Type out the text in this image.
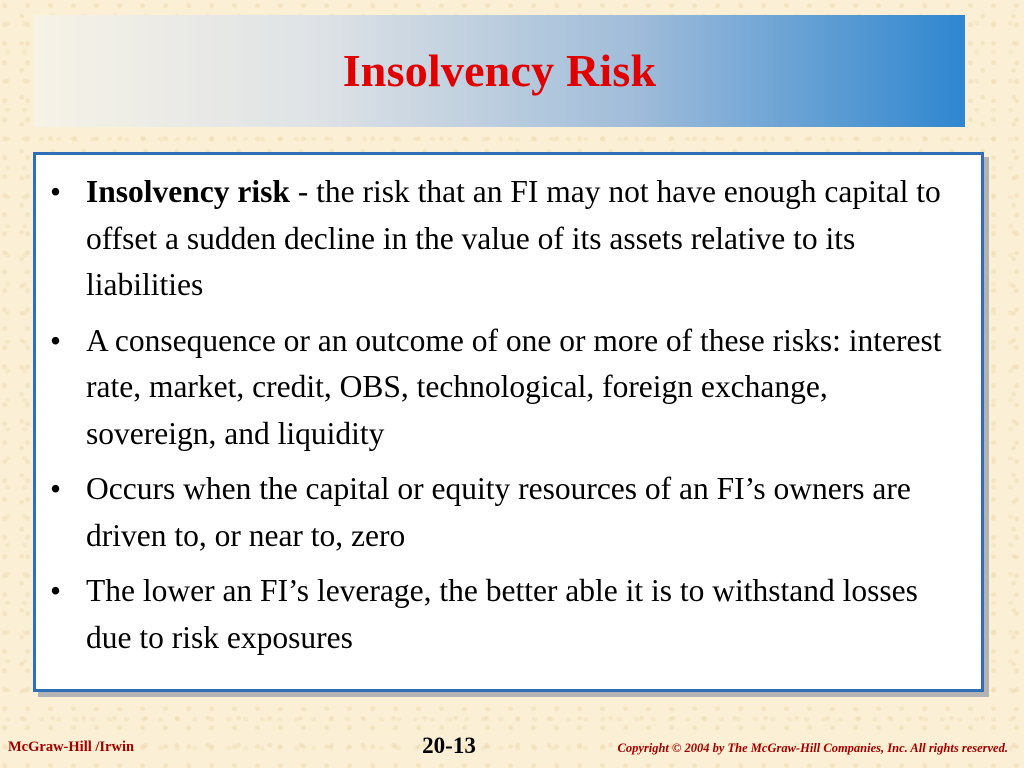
Insolvency Risk
• Insolvency risk - the risk that an FI may not have enough capital to offset a sudden decline in the value of its assets relative to its liabilities
• A consequence or an outcome of one or more of these risks: interest rate, market, credit, OBS, technological, foreign exchange, sovereign, and liquidity
• Occurs when the capital or equity resources of an FI’s owners are driven to, or near to, zero
• The lower an FI’s leverage, the better able it is to withstand losses due to risk exposures
McGraw-Hill /Irwin	20-13	Copyright © 2004 by The McGraw-Hill Companies, Inc. All rights reserved.
